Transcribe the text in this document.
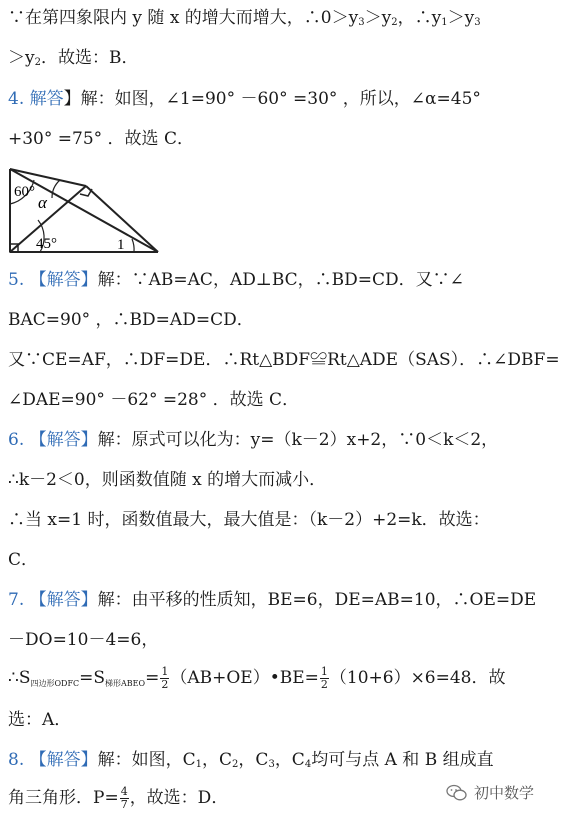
∵在第四象限内 y 随 x 的增大而增大，$\therefore 0>y_3>y_2$，$\therefore y_1>y_3$
$>y_2$．故选：B．
4. 解答】解：如图，∠1=90° －60° =30° ，所以，∠α=45°
+30° =75° ．故选 C．
60°
α
45°	1
5. 【解答】解：∵AB=AC，AD⊥BC，∴BD=CD．又∵∠
BAC=90° ，∴BD=AD=CD．
又∵CE=AF，∴DF=DE．∴Rt△BDF≌Rt△ADE（SAS）．∴∠DBF=
∠DAE=90° －62° =28° ．故选 C．
6. 【解答】解：原式可以化为：y=（k－2）x+2，∵0＜k＜2，
∴k－2＜0，则函数值随 x 的增大而减小．
∴当 x=1 时，函数值最大，最大值是：（k－2）+2=k．故选：
C．
7. 【解答】解：由平移的性质知，BE=6，DE=AB=10，∴OE=DE
－DO=10－4=6，
$\therefore S_{四边形ODFC}=S_{梯形ABEO}= \frac{1}{2}$ （AB+OE）•BE= $\frac{1}{2} (10+6)\times 6=48$．故
选：A．
8. 【解答】解：如图，$C_1$，$C_2$，$C_3$，$C_4$均可与点 A 和 B 组成直
角三角形．$P= \frac{4}{7}$ ，故选：D．	初中数学
